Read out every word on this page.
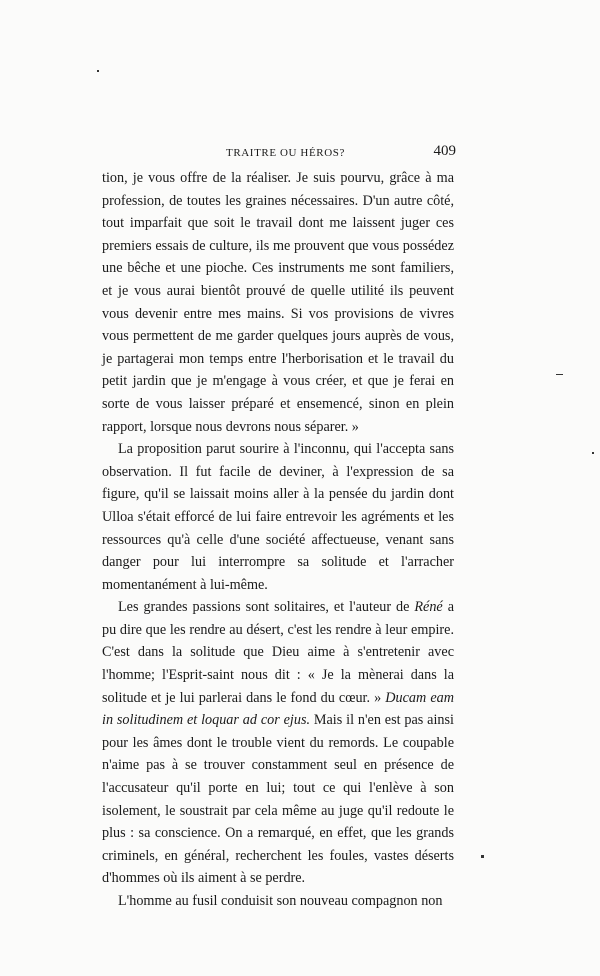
TRAITRE OU HÉROS?	409

tion, je vous offre de la réaliser. Je suis pourvu, grâce à ma profession, de toutes les graines nécessaires. D'un autre côté, tout imparfait que soit le travail dont me laissent juger ces premiers essais de culture, ils me prouvent que vous possédez une bêche et une pioche. Ces instruments me sont familiers, et je vous aurai bientôt prouvé de quelle utilité ils peuvent vous devenir entre mes mains. Si vos provisions de vivres vous permettent de me garder quelques jours auprès de vous, je partagerai mon temps entre l'herborisation et le travail du petit jardin que je m'engage à vous créer, et que je ferai en sorte de vous laisser préparé et ensemencé, sinon en plein rapport, lorsque nous devrons nous séparer. »

La proposition parut sourire à l'inconnu, qui l'accepta sans observation. Il fut facile de deviner, à l'expression de sa figure, qu'il se laissait moins aller à la pensée du jardin dont Ulloa s'était efforcé de lui faire entrevoir les agréments et les ressources qu'à celle d'une société affectueuse, venant sans danger pour lui interrompre sa solitude et l'arracher momentanément à lui-même.

Les grandes passions sont solitaires, et l'auteur de Réné a pu dire que les rendre au désert, c'est les rendre à leur empire. C'est dans la solitude que Dieu aime à s'entretenir avec l'homme; l'Esprit-saint nous dit : « Je la mènerai dans la solitude et je lui parlerai dans le fond du cœur. » Ducam eam in solitudinem et loquar ad cor ejus. Mais il n'en est pas ainsi pour les âmes dont le trouble vient du remords. Le coupable n'aime pas à se trouver constamment seul en présence de l'accusateur qu'il porte en lui; tout ce qui l'enlève à son isolement, le soustrait par cela même au juge qu'il redoute le plus : sa conscience. On a remarqué, en effet, que les grands criminels, en général, recherchent les foules, vastes déserts d'hommes où ils aiment à se perdre.

L'homme au fusil conduisit son nouveau compagnon non
